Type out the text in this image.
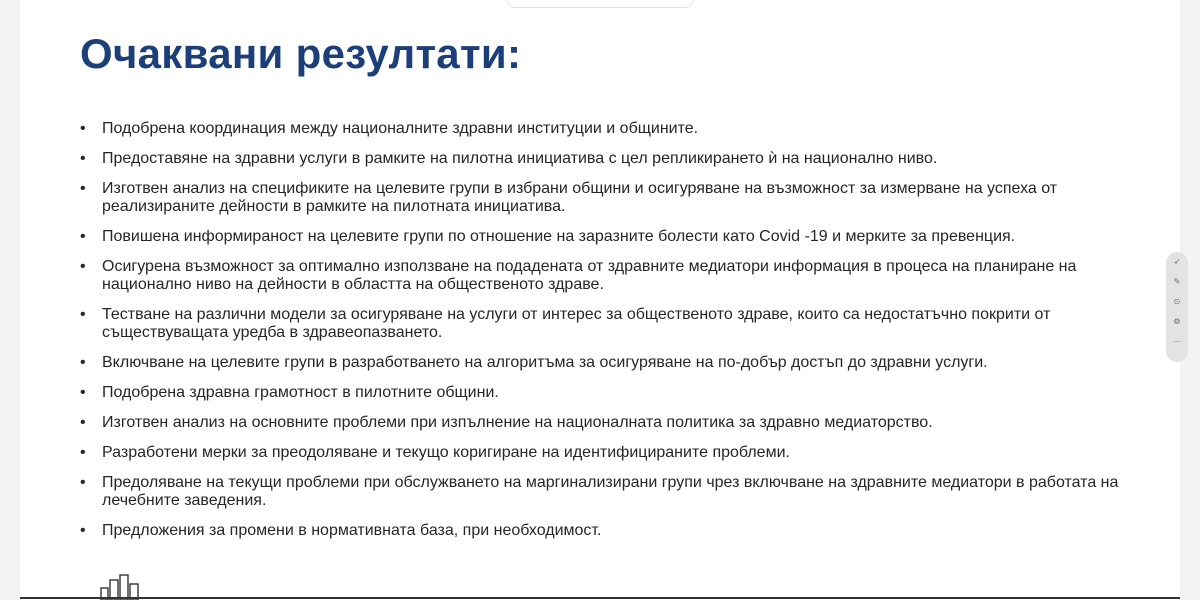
Очаквани резултати:
• Подобрена координация между националните здравни институции и общините.
• Предоставяне на здравни услуги в рамките на пилотна инициатива с цел репликирането ѝ на национално ниво.
• Изготвен анализ на спецификите на целевите групи в избрани общини и осигуряване на възможност за измерване на успеха от реализираните дейности в рамките на пилотната инициатива.
• Повишена информираност на целевите групи по отношение на заразните болести като Covid -19 и мерките за превенция.
• Осигурена възможност за оптимално използване на подадената от здравните медиатори информация в процеса на планиране на национално ниво на дейности в областта на общественото здраве.
• Тестване на различни модели за осигуряване на услуги от интерес за общественото здраве, които са недостатъчно покрити от съществуващата уредба в здравеопазването.
• Включване на целевите групи в разработването на алгоритъма за осигуряване на по-добър достъп до здравни услуги.
• Подобрена здравна грамотност в пилотните общини.
• Изготвен анализ на основните проблеми при изпълнение на националната политика за здравно медиаторство.
• Разработени мерки за преодоляване и текущо коригиране на идентифицираните проблеми.
• Предоляване на текущи проблеми при обслужването на маргинализирани групи чрез включване на здравните медиатори в работата на лечебните заведения.
• Предложения за промени в нормативната база, при необходимост.
➶
✎
⊙
⚙
⋯
